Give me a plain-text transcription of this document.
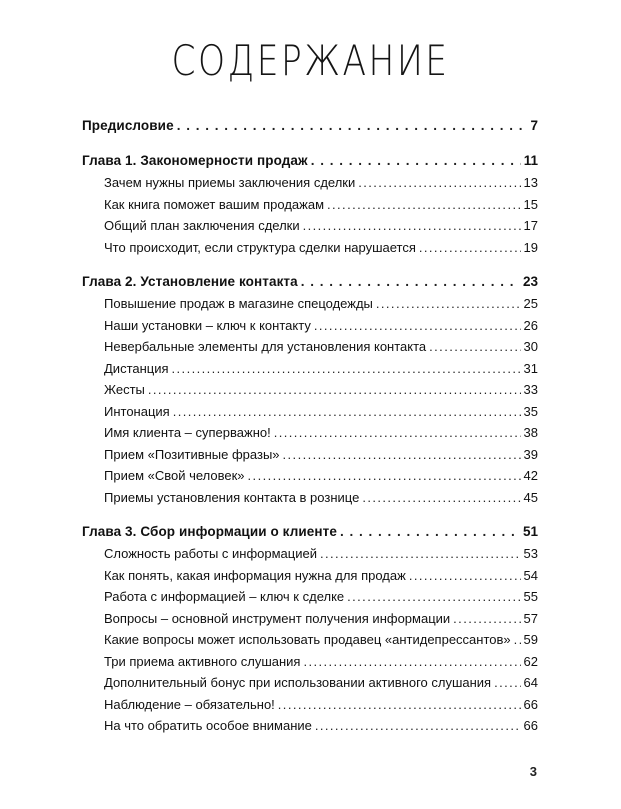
СОДЕРЖАНИЕ
Предисловие . . .	7
Глава 1. Закономерности продаж . . .	11
Зачем нужны приемы заключения сделки .....	13
Как книга поможет вашим продажам .....	15
Общий план заключения сделки .....	17
Что происходит, если структура сделки нарушается .....	19
Глава 2. Установление контакта . . .	23
Повышение продаж в магазине спецодежды .....	25
Наши установки – ключ к контакту .....	26
Невербальные элементы для установления контакта .....	30
Дистанция .....	31
Жесты .....	33
Интонация .....	35
Имя клиента – суперважно! .....	38
Прием «Позитивные фразы» .....	39
Прием «Свой человек» .....	42
Приемы установления контакта в рознице .....	45
Глава 3. Сбор информации о клиенте . . .	51
Сложность работы с информацией .....	53
Как понять, какая информация нужна для продаж .....	54
Работа с информацией – ключ к сделке .....	55
Вопросы – основной инструмент получения информации .....	57
Какие вопросы может использовать продавец «антидепрессантов» ..... 59
Три приема активного слушания .....	62
Дополнительный бонус при использовании активного слушания ..... 64
Наблюдение – обязательно! .....	66
На что обратить особое внимание .....	66
3
